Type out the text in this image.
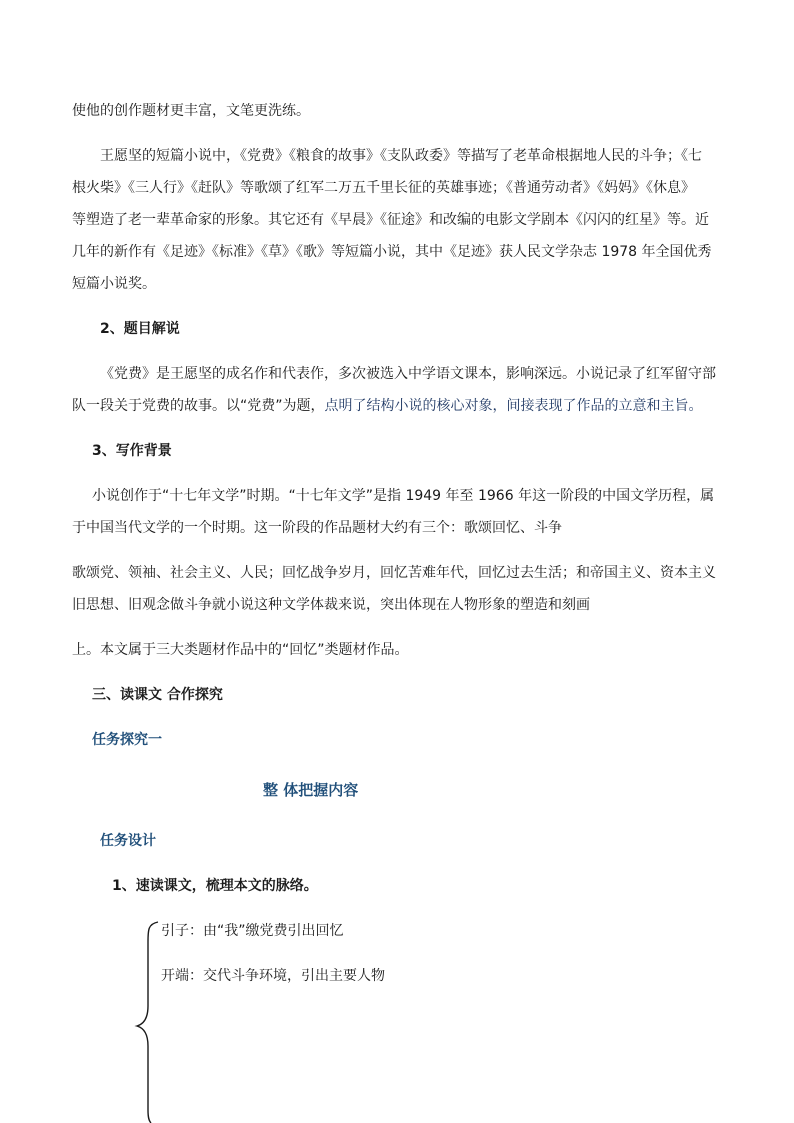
使他的创作题材更丰富，文笔更洗练。
王愿坚的短篇小说中，《党费》《粮食的故事》《支队政委》等描写了老革命根据地人民的斗争；《七
根火柴》《三人行》《赶队》等歌颂了红军二万五千里长征的英雄事迹；《普通劳动者》《妈妈》《休息》
等塑造了老一辈革命家的形象。其它还有《早晨》《征途》和改编的电影文学剧本《闪闪的红星》等。近
几年的新作有《足迹》《标准》《草》《歌》等短篇小说，其中《足迹》获人民文学杂志 1978 年全国优秀
短篇小说奖。
2、题目解说
《党费》是王愿坚的成名作和代表作，多次被选入中学语文课本，影响深远。小说记录了红军留守部
队一段关于党费的故事。以“党费”为题，点明了结构小说的核心对象，间接表现了作品的立意和主旨。
3、写作背景
小说创作于“十七年文学”时期。“十七年文学”是指 1949 年至 1966 年这一阶段的中国文学历程，属
于中国当代文学的一个时期。这一阶段的作品题材大约有三个：歌颂回忆、斗争
歌颂党、领袖、社会主义、人民；回忆战争岁月，回忆苦难年代，回忆过去生活；和帝国主义、资本主义
旧思想、旧观念做斗争就小说这种文学体裁来说，突出体现在人物形象的塑造和刻画
上。本文属于三大类题材作品中的“回忆”类题材作品。
三、读课文 合作探究
任务探究一
整 体把握内容
任务设计
1、速读课文，梳理本文的脉络。
引子：由“我”缴党费引出回忆
开端：交代斗争环境，引出主要人物
